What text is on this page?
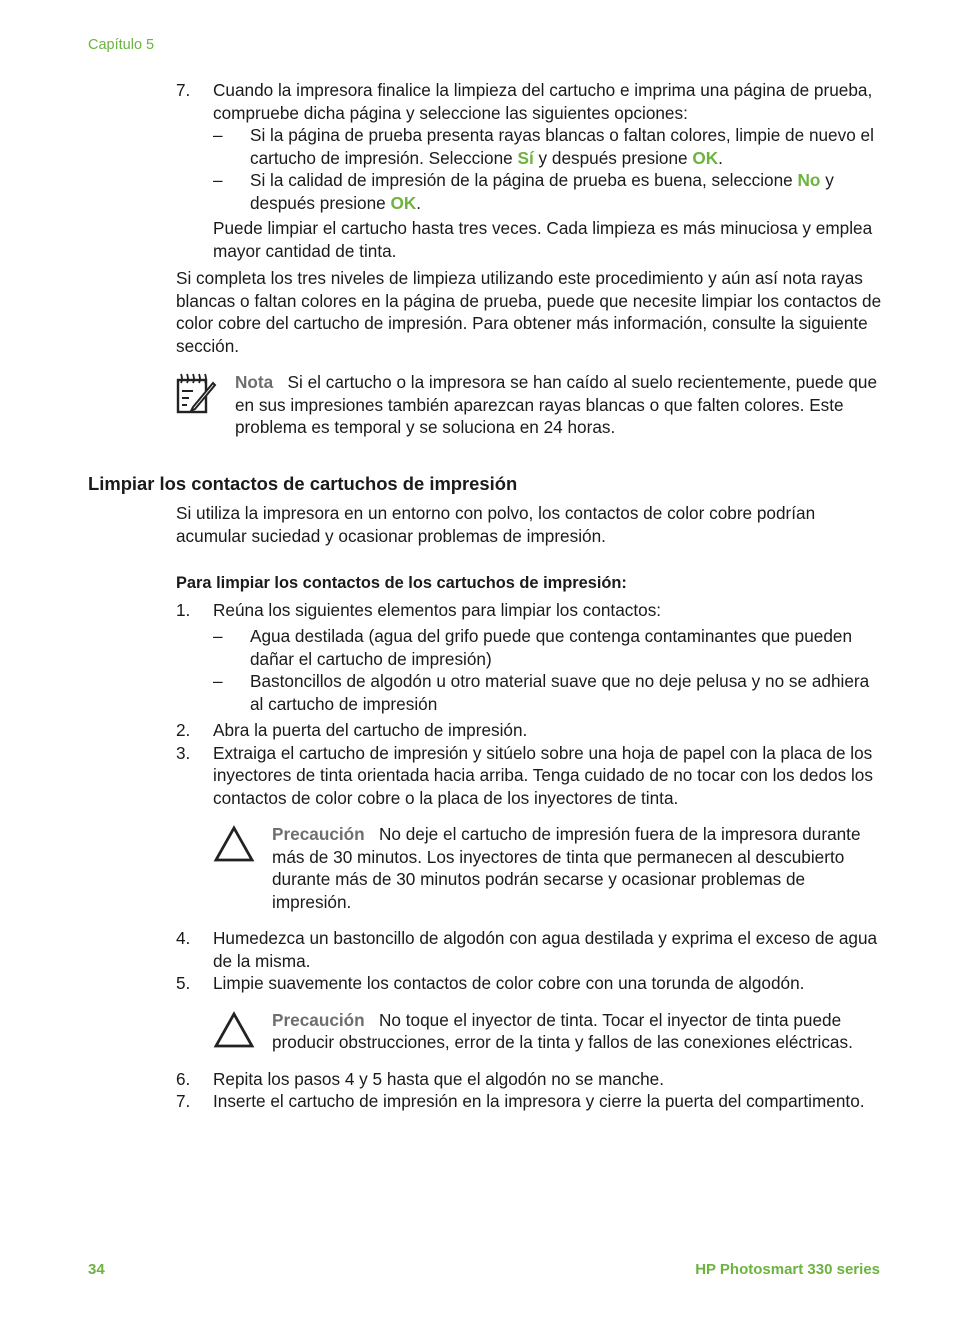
Capítulo 5
7. Cuando la impresora finalice la limpieza del cartucho e imprima una página de prueba, compruebe dicha página y seleccione las siguientes opciones:

– Si la página de prueba presenta rayas blancas o faltan colores, limpie de nuevo el cartucho de impresión. Seleccione Sí y después presione OK.

– Si la calidad de impresión de la página de prueba es buena, seleccione No y después presione OK.

Puede limpiar el cartucho hasta tres veces. Cada limpieza es más minuciosa y emplea mayor cantidad de tinta.

Si completa los tres niveles de limpieza utilizando este procedimiento y aún así nota rayas blancas o faltan colores en la página de prueba, puede que necesite limpiar los contactos de color cobre del cartucho de impresión. Para obtener más información, consulte la siguiente sección.

Nota Si el cartucho o la impresora se han caído al suelo recientemente, puede que en sus impresiones también aparezcan rayas blancas o que falten colores. Este problema es temporal y se soluciona en 24 horas.

Limpiar los contactos de cartuchos de impresión

Si utiliza la impresora en un entorno con polvo, los contactos de color cobre podrían acumular suciedad y ocasionar problemas de impresión.

Para limpiar los contactos de los cartuchos de impresión:

1. Reúna los siguientes elementos para limpiar los contactos:

– Agua destilada (agua del grifo puede que contenga contaminantes que pueden dañar el cartucho de impresión)

– Bastoncillos de algodón u otro material suave que no deje pelusa y no se adhiera al cartucho de impresión

2. Abra la puerta del cartucho de impresión.

3. Extraiga el cartucho de impresión y sitúelo sobre una hoja de papel con la placa de los inyectores de tinta orientada hacia arriba. Tenga cuidado de no tocar con los dedos los contactos de color cobre o la placa de los inyectores de tinta.

Precaución No deje el cartucho de impresión fuera de la impresora durante más de 30 minutos. Los inyectores de tinta que permanecen al descubierto durante más de 30 minutos podrán secarse y ocasionar problemas de impresión.

4. Humedezca un bastoncillo de algodón con agua destilada y exprima el exceso de agua de la misma.

5. Limpie suavemente los contactos de color cobre con una torunda de algodón.

Precaución No toque el inyector de tinta. Tocar el inyector de tinta puede producir obstrucciones, error de la tinta y fallos de las conexiones eléctricas.

6. Repita los pasos 4 y 5 hasta que el algodón no se manche.

7. Inserte el cartucho de impresión en la impresora y cierre la puerta del compartimento.

34	HP Photosmart 330 series
